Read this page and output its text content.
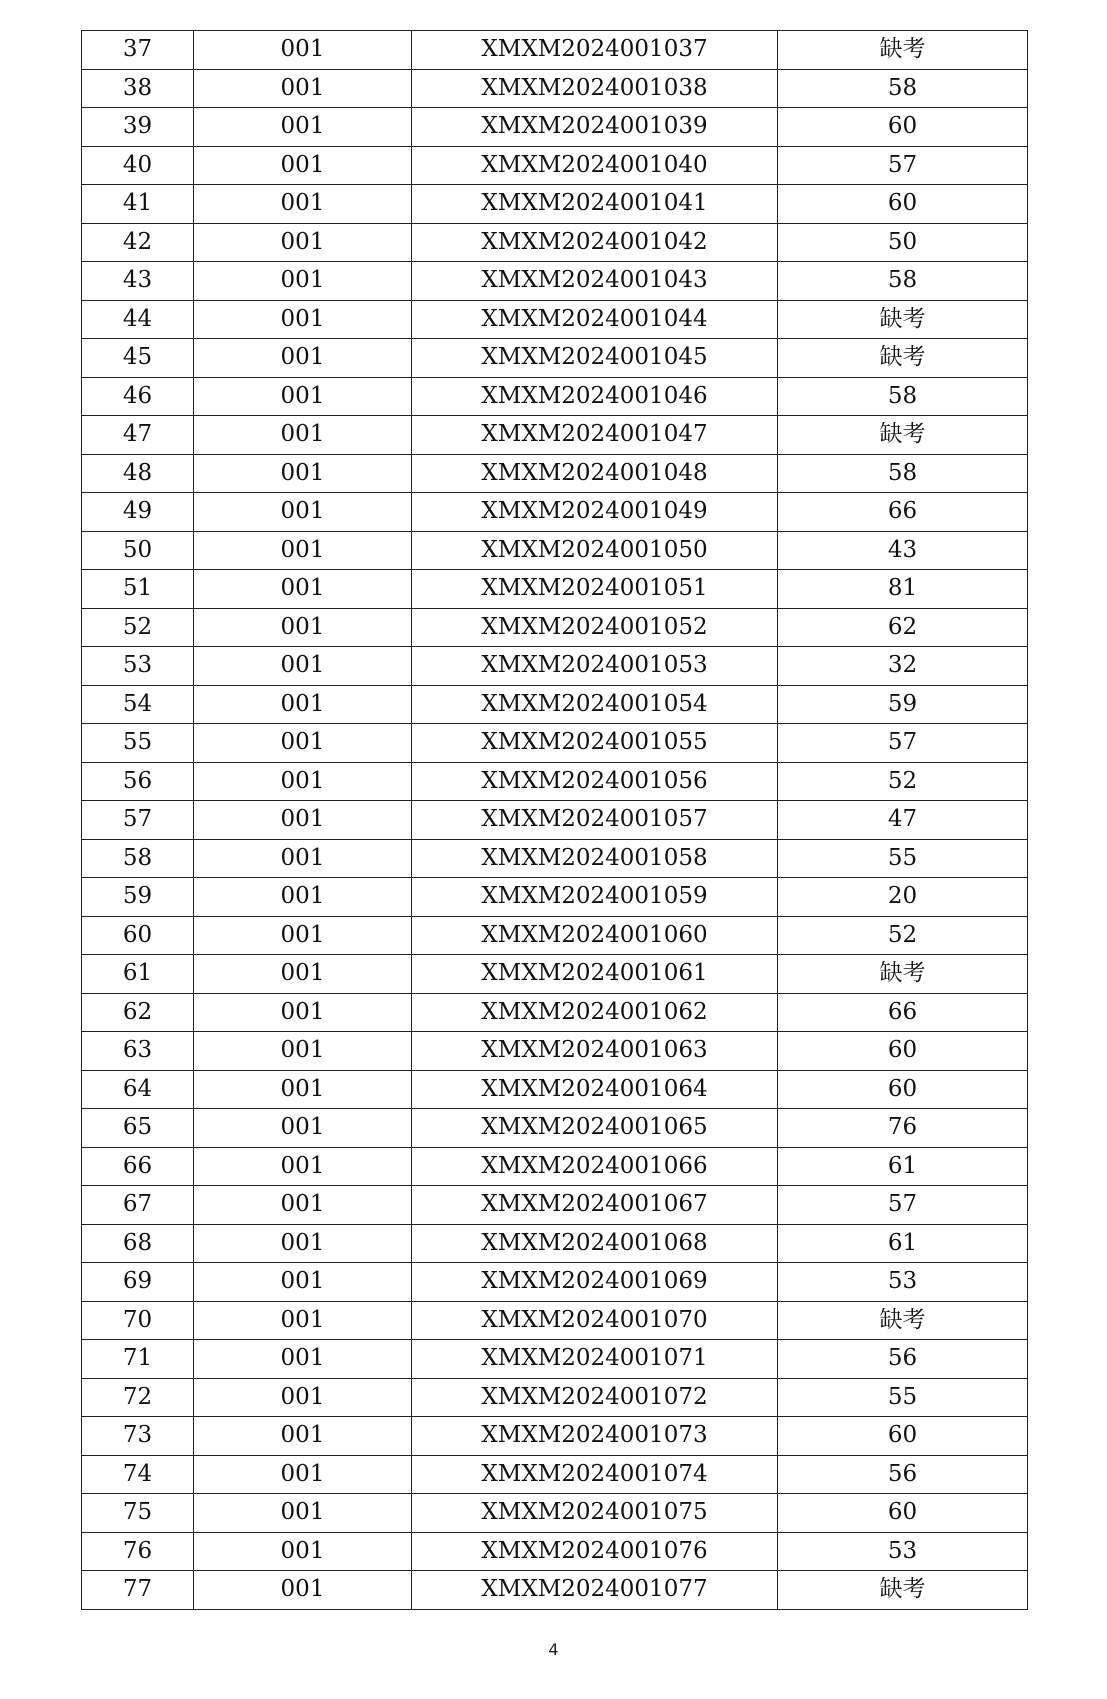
37	001	XMXM2024001037	缺考
38	001	XMXM2024001038	58
39	001	XMXM2024001039	60
40	001	XMXM2024001040	57
41	001	XMXM2024001041	60
42	001	XMXM2024001042	50
43	001	XMXM2024001043	58
44	001	XMXM2024001044	缺考
45	001	XMXM2024001045	缺考
46	001	XMXM2024001046	58
47	001	XMXM2024001047	缺考
48	001	XMXM2024001048	58
49	001	XMXM2024001049	66
50	001	XMXM2024001050	43
51	001	XMXM2024001051	81
52	001	XMXM2024001052	62
53	001	XMXM2024001053	32
54	001	XMXM2024001054	59
55	001	XMXM2024001055	57
56	001	XMXM2024001056	52
57	001	XMXM2024001057	47
58	001	XMXM2024001058	55
59	001	XMXM2024001059	20
60	001	XMXM2024001060	52
61	001	XMXM2024001061	缺考
62	001	XMXM2024001062	66
63	001	XMXM2024001063	60
64	001	XMXM2024001064	60
65	001	XMXM2024001065	76
66	001	XMXM2024001066	61
67	001	XMXM2024001067	57
68	001	XMXM2024001068	61
69	001	XMXM2024001069	53
70	001	XMXM2024001070	缺考
71	001	XMXM2024001071	56
72	001	XMXM2024001072	55
73	001	XMXM2024001073	60
74	001	XMXM2024001074	56
75	001	XMXM2024001075	60
76	001	XMXM2024001076	53
77	001	XMXM2024001077	缺考
4
